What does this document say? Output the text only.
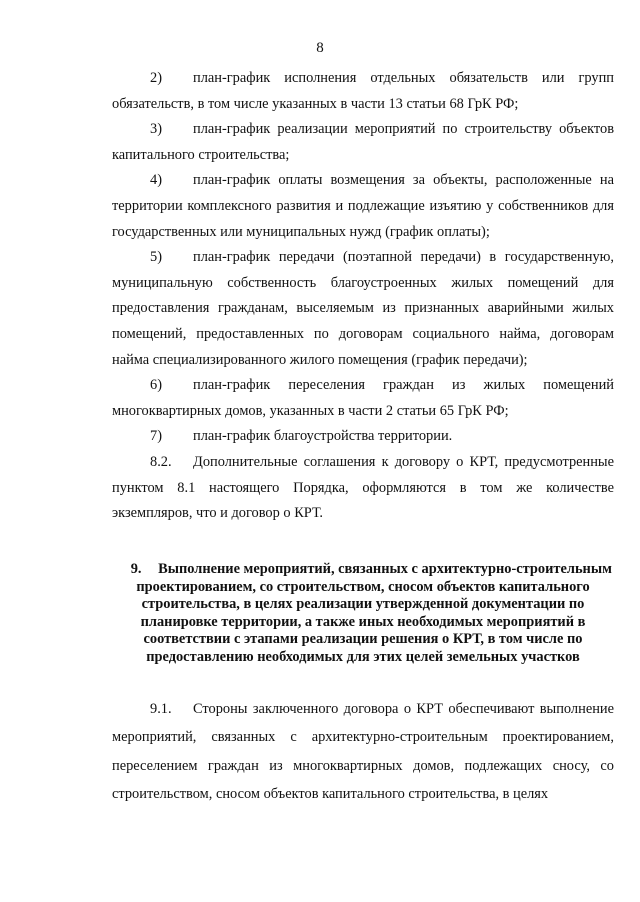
8

2) план-график исполнения отдельных обязательств или групп обязательств, в том числе указанных в части 13 статьи 68 ГрК РФ;

3) план-график реализации мероприятий по строительству объектов капитального строительства;

4) план-график оплаты возмещения за объекты, расположенные на территории комплексного развития и подлежащие изъятию у собственников для государственных или муниципальных нужд (график оплаты);

5) план-график передачи (поэтапной передачи) в государственную, муниципальную собственность благоустроенных жилых помещений для предоставления гражданам, выселяемым из признанных аварийными жилых помещений, предоставленных по договорам социального найма, договорам найма специализированного жилого помещения (график передачи);

6) план-график переселения граждан из жилых помещений многоквартирных домов, указанных в части 2 статьи 65 ГрК РФ;

7) план-график благоустройства территории.

8.2. Дополнительные соглашения к договору о КРТ, предусмотренные пунктом 8.1 настоящего Порядка, оформляются в том же количестве экземпляров, что и договор о КРТ.

9. Выполнение мероприятий, связанных с архитектурно-строительным проектированием, со строительством, сносом объектов капитального строительства, в целях реализации утвержденной документации по планировке территории, а также иных необходимых мероприятий в соответствии с этапами реализации решения о КРТ, в том числе по предоставлению необходимых для этих целей земельных участков

9.1. Стороны заключенного договора о КРТ обеспечивают выполнение мероприятий, связанных с архитектурно-строительным проектированием, переселением граждан из многоквартирных домов, подлежащих сносу, со строительством, сносом объектов капитального строительства, в целях
